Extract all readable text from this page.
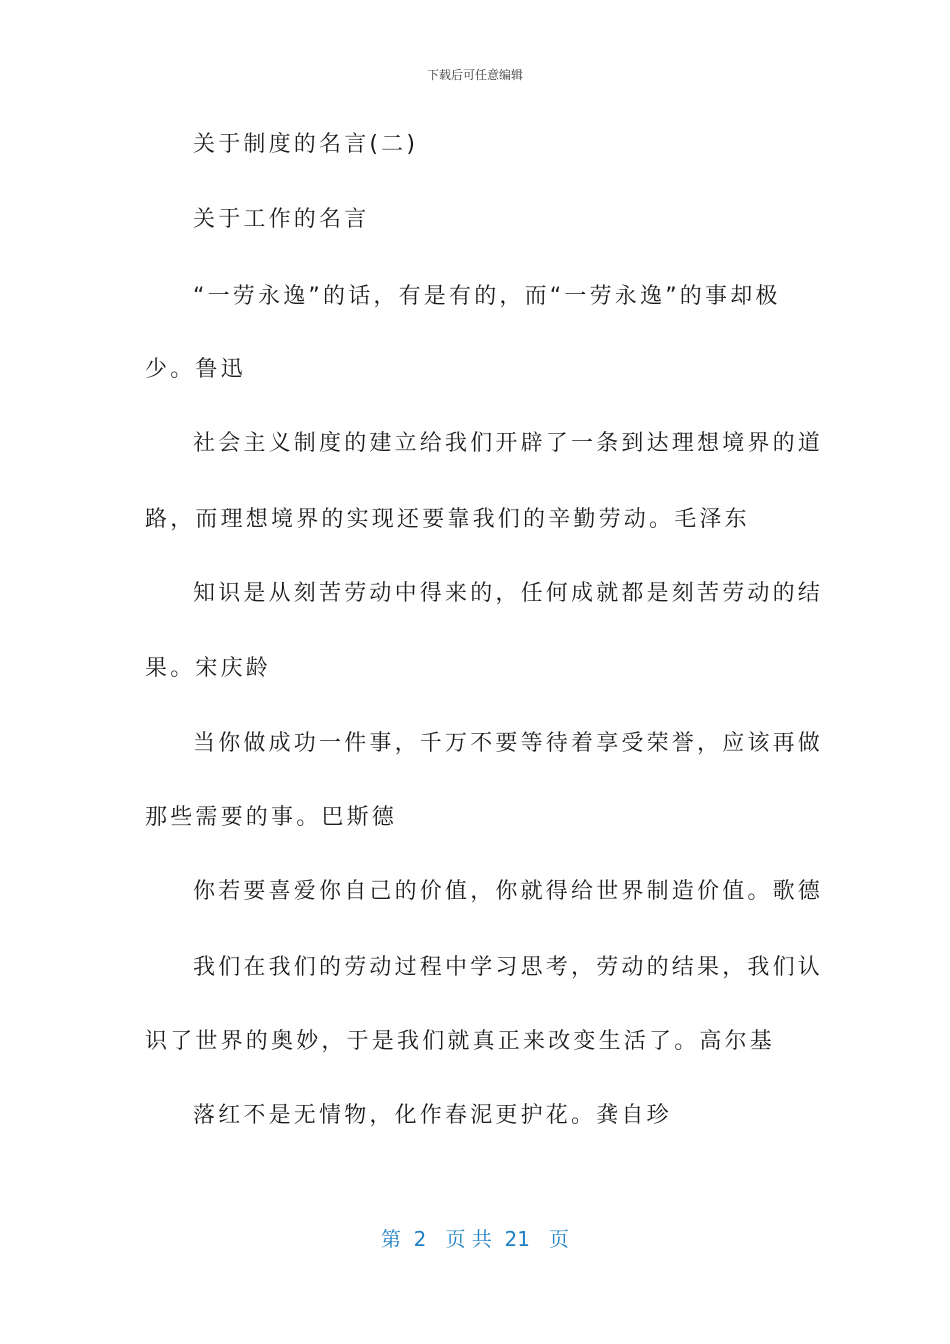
下载后可任意编辑
关于制度的名言(二)
关于工作的名言
“一劳永逸”的话，有是有的，而“一劳永逸”的事却极
少。鲁迅
社会主义制度的建立给我们开辟了一条到达理想境界的道
路，而理想境界的实现还要靠我们的辛勤劳动。毛泽东
知识是从刻苦劳动中得来的，任何成就都是刻苦劳动的结
果。宋庆龄
当你做成功一件事，千万不要等待着享受荣誉，应该再做
那些需要的事。巴斯德
你若要喜爱你自己的价值，你就得给世界制造价值。歌德
我们在我们的劳动过程中学习思考，劳动的结果，我们认
识了世界的奥妙，于是我们就真正来改变生活了。高尔基
落红不是无情物，化作春泥更护花。龚自珍
第  2   页 共  21   页
